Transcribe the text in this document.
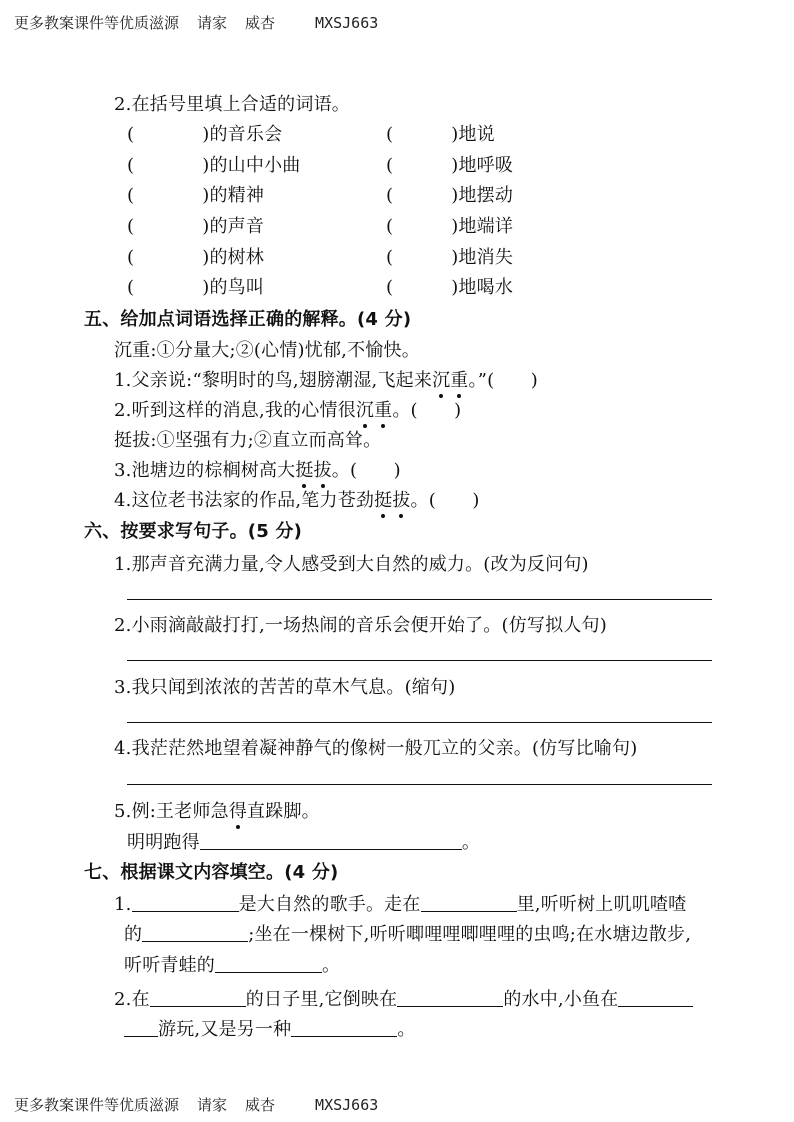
更多教案课件等优质滋源 请家 威杏	MXSJ663
2.在括号里填上合适的词语。
(	)的音乐会	(	)地说
(	)的山中小曲	(	)地呼吸
(	)的精神	(	)地摆动
(	)的声音	(	)地端详
(	)的树林	(	)地消失
(	)的鸟叫	(	)地喝水
五、给加点词语选择正确的解释。(4 分)
沉重:①分量大;②(心情)忧郁,不愉快。
1.父亲说:“黎明时的鸟,翅膀潮湿,飞起来沉重。”(　　)
2.听到这样的消息,我的心情很沉重。(　　)
挺拔:①坚强有力;②直立而高耸。
3.池塘边的棕榈树高大挺拔。(　　)
4.这位老书法家的作品,笔力苍劲挺拔。(　　)
六、按要求写句子。(5 分)
1.那声音充满力量,令人感受到大自然的威力。(改为反问句)
2.小雨滴敲敲打打,一场热闹的音乐会便开始了。(仿写拟人句)
3.我只闻到浓浓的苦苦的草木气息。(缩句)
4.我茫茫然地望着凝神静气的像树一般兀立的父亲。(仿写比喻句)
5.例:王老师急得直跺脚。
明明跑得	。
七、根据课文内容填空。(4 分)
1.	是大自然的歌手。走在	里,听听树上叽叽喳喳
的	;坐在一棵树下,听听唧哩哩唧哩哩的虫鸣;在水塘边散步,
听听青蛙的	。
2.在	的日子里,它倒映在	的水中,小鱼在
游玩,又是另一种	。
更多教案课件等优质滋源 请家 威杏	MXSJ663
